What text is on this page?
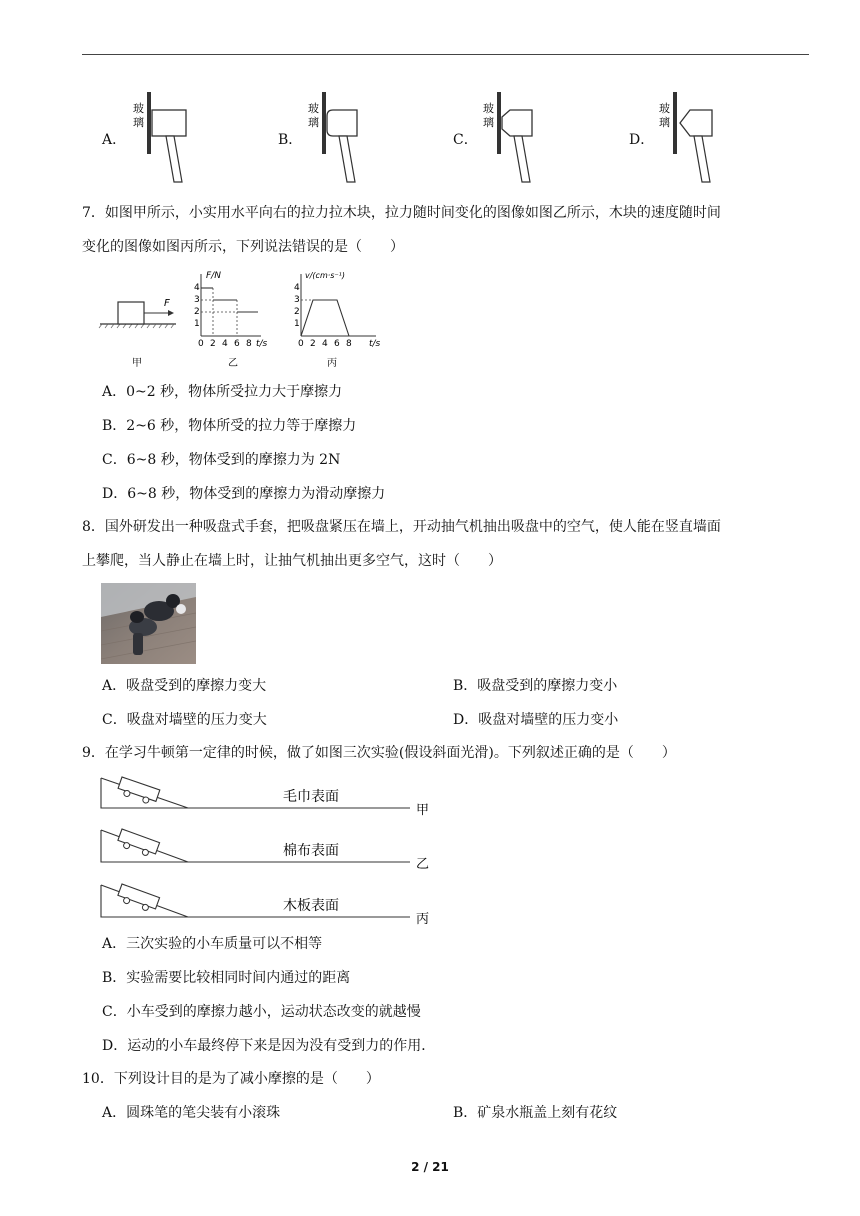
A．	B．	C．	D．
玻
璃
玻
璃
玻
璃
玻
璃
7．如图甲所示，小实用水平向右的拉力拉木块，拉力随时间变化的图像如图乙所示，木块的速度随时间
变化的图像如图丙所示，下列说法错误的是（　　）
F
甲
F/N
t/s
1
2
3
4
0 2 4 6 8
乙
v/(cm·s⁻¹)
t/s
1
2
3
4
0 2 4 6 8
丙
A．0~2 秒，物体所受拉力大于摩擦力
B．2~6 秒，物体所受的拉力等于摩擦力
C．6~8 秒，物体受到的摩擦力为 2N
D．6~8 秒，物体受到的摩擦力为滑动摩擦力
8．国外研发出一种吸盘式手套，把吸盘紧压在墙上，开动抽气机抽出吸盘中的空气，使人能在竖直墙面
上攀爬，当人静止在墙上时，让抽气机抽出更多空气，这时（　　）
A．吸盘受到的摩擦力变大	B．吸盘受到的摩擦力变小
C．吸盘对墙壁的压力变大	D．吸盘对墙壁的压力变小
9．在学习牛顿第一定律的时候，做了如图三次实验(假设斜面光滑)。下列叙述正确的是（　　）
毛巾表面
甲
棉布表面
乙
木板表面
丙
A．三次实验的小车质量可以不相等
B．实验需要比较相同时间内通过的距离
C．小车受到的摩擦力越小，运动状态改变的就越慢
D．运动的小车最终停下来是因为没有受到力的作用．
10．下列设计目的是为了减小摩擦的是（　　）
A．圆珠笔的笔尖装有小滚珠	B．矿泉水瓶盖上刻有花纹
2 / 21
